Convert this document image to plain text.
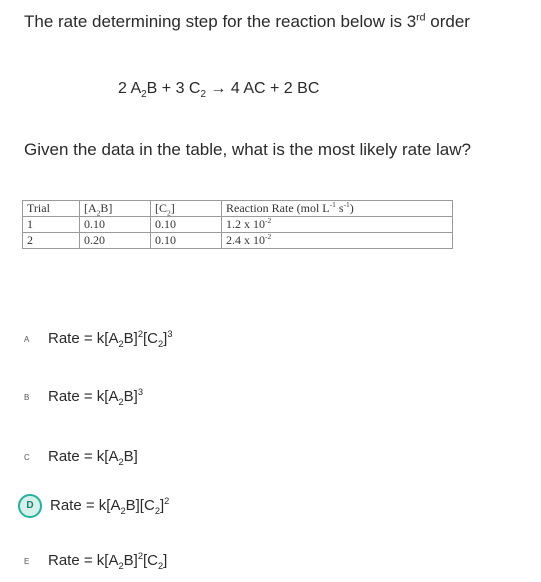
The rate determining step for the reaction below is 3rd order
2 $A_2B + 3$ $C_2 \to 4$ AC + 2 BC
Given the data in the table, what is the most likely rate law?
Trial	$[A_2B]$	$[C_2]$	Reaction Rate (mol $L^{-1}$ $s^{-1}$)
1	0.10	0.10	1.2 x $10^{-2}$
2	0.20	0.10	2.4 x $10^{-2}$
A Rate = $k[A_2B]^2[C_2]^3$
B Rate = $k[A_2B]^3$
C Rate = $k[A_2B]$
D Rate = $k[A_2B][C_2]^2$
E Rate = $k[A_2B]^2[C_2]$
